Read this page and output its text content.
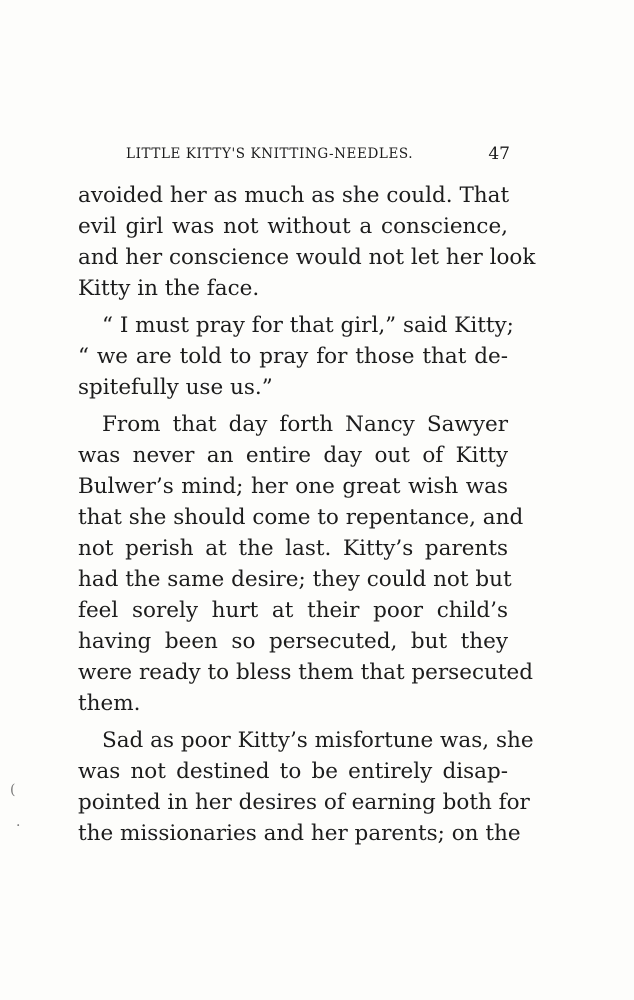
LITTLE KITTY'S KNITTING-NEEDLES.	47
avoided her as much as she could. That
evil girl was not without a conscience,
and her conscience would not let her look
Kitty in the face.
“ I must pray for that girl,” said Kitty;
“ we are told to pray for those that de-
spitefully use us.”
From that day forth Nancy Sawyer
was never an entire day out of Kitty
Bulwer’s mind; her one great wish was
that she should come to repentance, and
not perish at the last. Kitty’s parents
had the same desire; they could not but
feel sorely hurt at their poor child’s
having been so persecuted, but they
were ready to bless them that persecuted
them.
Sad as poor Kitty’s misfortune was, she
was not destined to be entirely disap-
pointed in her desires of earning both for
the missionaries and her parents; on the
(
·
